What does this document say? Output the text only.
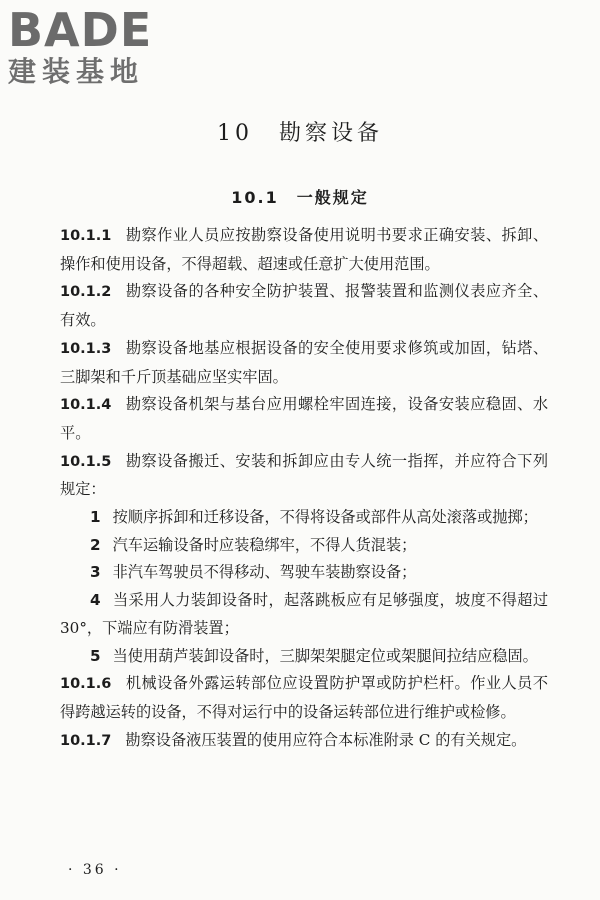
BADE
建装基地
10　勘察设备
10.1　一般规定
10.1.1 勘察作业人员应按勘察设备使用说明书要求正确安装、拆卸、操作和使用设备，不得超载、超速或任意扩大使用范围。
10.1.2 勘察设备的各种安全防护装置、报警装置和监测仪表应齐全、有效。
10.1.3 勘察设备地基应根据设备的安全使用要求修筑或加固，钻塔、三脚架和千斤顶基础应坚实牢固。
10.1.4 勘察设备机架与基台应用螺栓牢固连接，设备安装应稳固、水平。
10.1.5 勘察设备搬迁、安装和拆卸应由专人统一指挥，并应符合下列规定：
1 按顺序拆卸和迁移设备，不得将设备或部件从高处滚落或抛掷；
2 汽车运输设备时应装稳绑牢，不得人货混装；
3 非汽车驾驶员不得移动、驾驶车装勘察设备；
4 当采用人力装卸设备时，起落跳板应有足够强度，坡度不得超过 30°，下端应有防滑装置；
5 当使用葫芦装卸设备时，三脚架架腿定位或架腿间拉结应稳固。
10.1.6 机械设备外露运转部位应设置防护罩或防护栏杆。作业人员不得跨越运转的设备，不得对运行中的设备运转部位进行维护或检修。
10.1.7 勘察设备液压装置的使用应符合本标准附录 C 的有关规定。
· 36 ·
